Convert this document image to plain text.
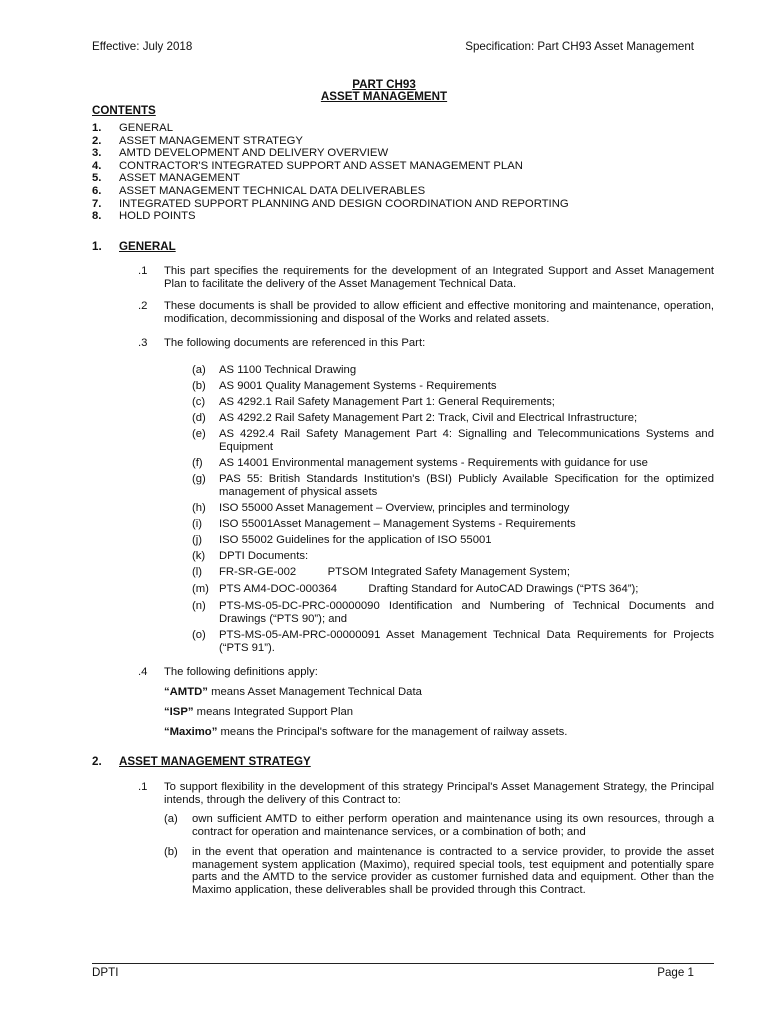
Effective: July 2018	Specification: Part CH93 Asset Management
PART CH93
ASSET MANAGEMENT
CONTENTS
1. GENERAL
2. ASSET MANAGEMENT STRATEGY
3. AMTD DEVELOPMENT AND DELIVERY OVERVIEW
4. CONTRACTOR'S INTEGRATED SUPPORT AND ASSET MANAGEMENT PLAN
5. ASSET MANAGEMENT
6. ASSET MANAGEMENT TECHNICAL DATA DELIVERABLES
7. INTEGRATED SUPPORT PLANNING AND DESIGN COORDINATION AND REPORTING
8. HOLD POINTS
1. GENERAL
.1 This part specifies the requirements for the development of an Integrated Support and Asset Management Plan to facilitate the delivery of the Asset Management Technical Data.
.2 These documents is shall be provided to allow efficient and effective monitoring and maintenance, operation, modification, decommissioning and disposal of the Works and related assets.
.3 The following documents are referenced in this Part:
(a) AS 1100 Technical Drawing
(b) AS 9001 Quality Management Systems - Requirements
(c) AS 4292.1 Rail Safety Management Part 1: General Requirements;
(d) AS 4292.2 Rail Safety Management Part 2: Track, Civil and Electrical Infrastructure;
(e) AS 4292.4 Rail Safety Management Part 4: Signalling and Telecommunications Systems and Equipment
(f) AS 14001 Environmental management systems - Requirements with guidance for use
(g) PAS 55: British Standards Institution's (BSI) Publicly Available Specification for the optimized management of physical assets
(h) ISO 55000 Asset Management – Overview, principles and terminology
(i) ISO 55001Asset Management – Management Systems - Requirements
(j) ISO 55002 Guidelines for the application of ISO 55001
(k) DPTI Documents:
(l) FR-SR-GE-002          PTSOM Integrated Safety Management System;
(m) PTS AM4-DOC-000364          Drafting Standard for AutoCAD Drawings (“PTS 364”);
(n) PTS-MS-05-DC-PRC-00000090 Identification and Numbering of Technical Documents and Drawings (“PTS 90”); and
(o) PTS-MS-05-AM-PRC-00000091 Asset Management Technical Data Requirements for Projects (“PTS 91”).
.4 The following definitions apply:
“AMTD” means Asset Management Technical Data
“ISP” means Integrated Support Plan
“Maximo” means the Principal's software for the management of railway assets.
2. ASSET MANAGEMENT STRATEGY
.1 To support flexibility in the development of this strategy Principal's Asset Management Strategy, the Principal intends, through the delivery of this Contract to:
(a) own sufficient AMTD to either perform operation and maintenance using its own resources, through a contract for operation and maintenance services, or a combination of both; and
(b) in the event that operation and maintenance is contracted to a service provider, to provide the asset management system application (Maximo), required special tools, test equipment and potentially spare parts and the AMTD to the service provider as customer furnished data and equipment. Other than the Maximo application, these deliverables shall be provided through this Contract.
DPTI	Page 1
